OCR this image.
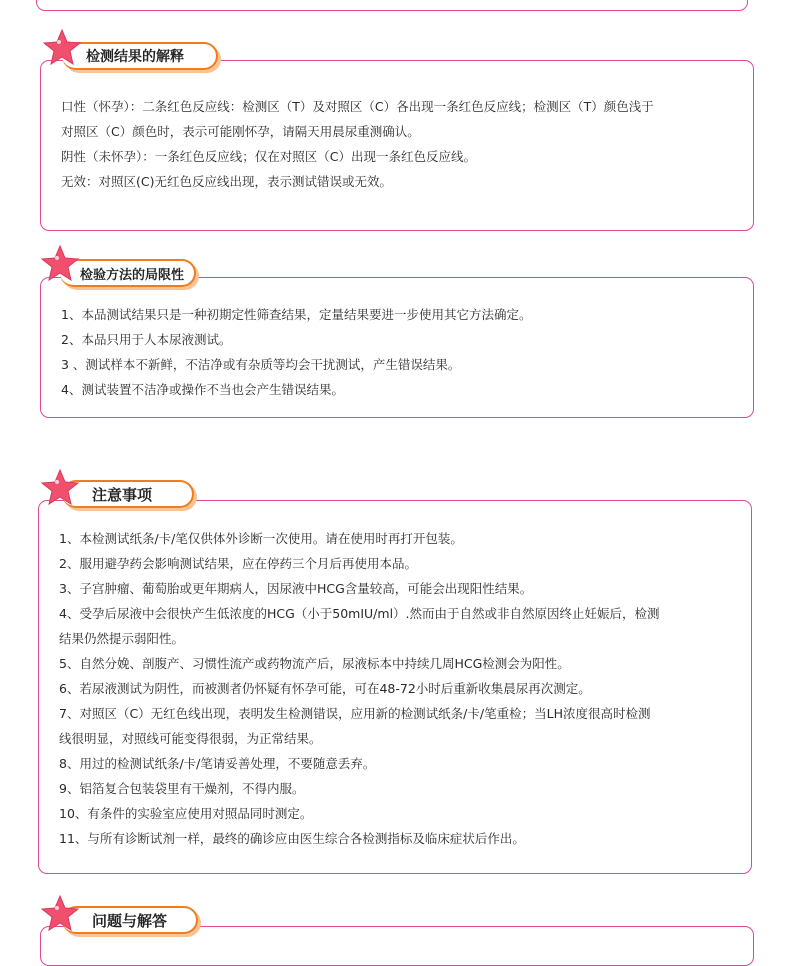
口性（怀孕）：二条红色反应线：检测区（T）及对照区（C）各出现一条红色反应线；检测区（T）颜色浅于

对照区（C）颜色时，表示可能刚怀孕，请隔天用晨尿重测确认。

阴性（未怀孕）：一条红色反应线；仅在对照区（C）出现一条红色反应线。

无效：对照区(C)无红色反应线出现，表示测试错误或无效。

检测结果的解释

1、本品测试结果只是一种初期定性筛查结果，定量结果要进一步使用其它方法确定。

2、本品只用于人本尿液测试。

3 、测试样本不新鲜，不洁净或有杂质等均会干扰测试，产生错误结果。

4、测试装置不洁净或操作不当也会产生错误结果。

检验方法的局限性

1、本检测试纸条/卡/笔仅供体外诊断一次使用。请在使用时再打开包装。

2、服用避孕药会影响测试结果，应在停药三个月后再使用本品。

3、子宫肿瘤、葡萄胎或更年期病人，因尿液中HCG含量较高，可能会出现阳性结果。

4、受孕后尿液中会很快产生低浓度的HCG（小于50mIU/ml）.然而由于自然或非自然原因终止妊娠后，检测

结果仍然提示弱阳性。

5、自然分娩、剖腹产、习惯性流产或药物流产后，尿液标本中持续几周HCG检测会为阳性。

6、若尿液测试为阴性，而被测者仍怀疑有怀孕可能，可在48-72小时后重新收集晨尿再次测定。

7、对照区（C）无红色线出现，表明发生检测错误，应用新的检测试纸条/卡/笔重检；当LH浓度很高时检测

线很明显，对照线可能变得很弱，为正常结果。

8、用过的检测试纸条/卡/笔请妥善处理，不要随意丢弃。

9、铝箔复合包装袋里有干燥剂，不得内服。

10、有条件的实验室应使用对照品同时测定。

11、与所有诊断试剂一样，最终的确诊应由医生综合各检测指标及临床症状后作出。

注意事项
问题与解答
